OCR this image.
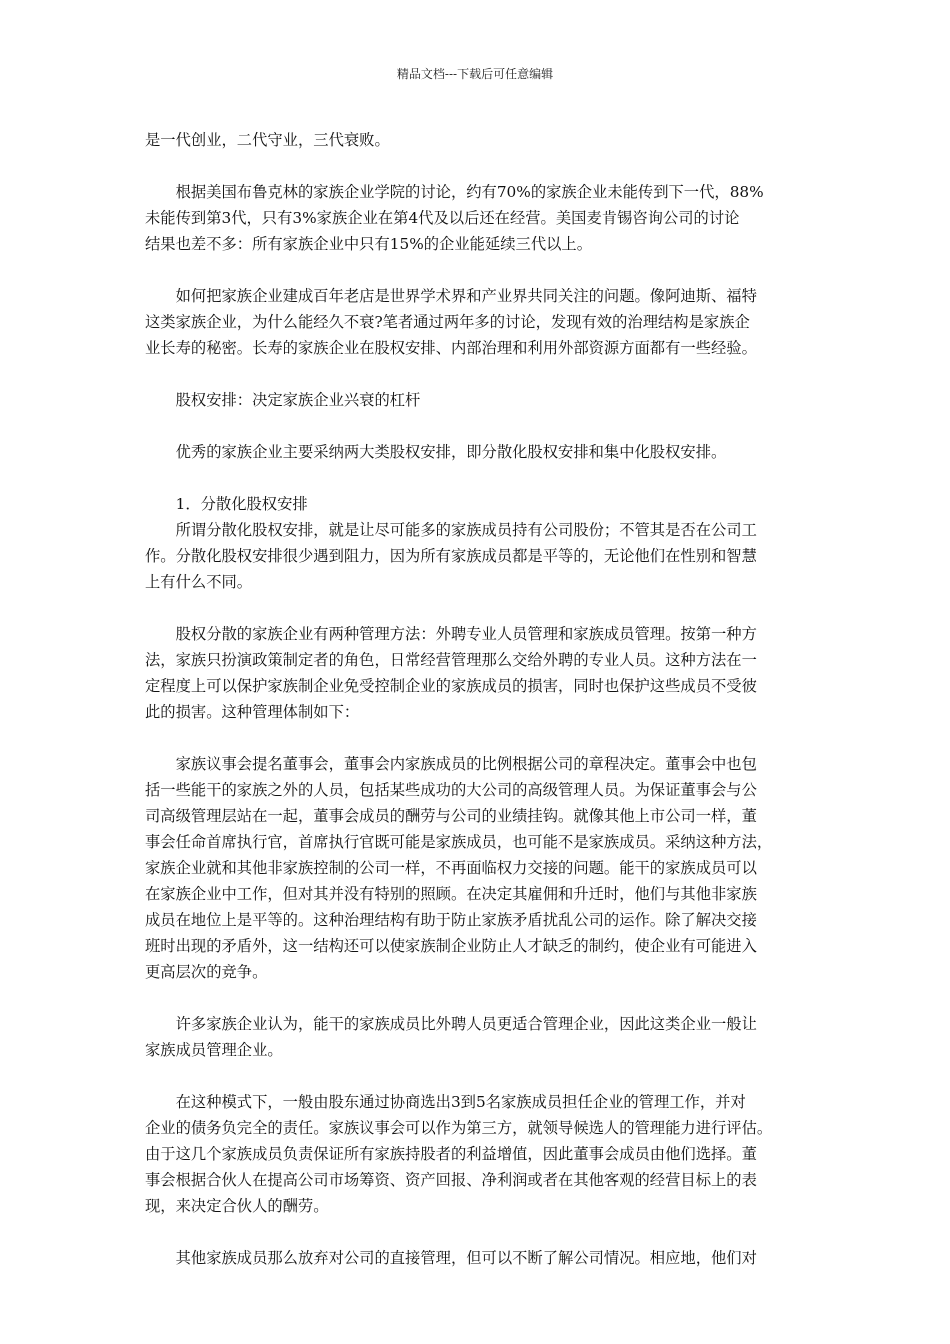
精品文档---下载后可任意编辑

是一代创业，二代守业，三代衰败。

根据美国布鲁克林的家族企业学院的讨论，约有70%的家族企业未能传到下一代，88%
未能传到第3代，只有3%家族企业在第4代及以后还在经营。美国麦肯锡咨询公司的讨论
结果也差不多：所有家族企业中只有15%的企业能延续三代以上。

如何把家族企业建成百年老店是世界学术界和产业界共同关注的问题。像阿迪斯、福特
这类家族企业，为什么能经久不衰?笔者通过两年多的讨论，发现有效的治理结构是家族企
业长寿的秘密。长寿的家族企业在股权安排、内部治理和利用外部资源方面都有一些经验。

股权安排：决定家族企业兴衰的杠杆

优秀的家族企业主要采纳两大类股权安排，即分散化股权安排和集中化股权安排。

1．分散化股权安排

所谓分散化股权安排，就是让尽可能多的家族成员持有公司股份；不管其是否在公司工
作。分散化股权安排很少遇到阻力，因为所有家族成员都是平等的，无论他们在性别和智慧
上有什么不同。

股权分散的家族企业有两种管理方法：外聘专业人员管理和家族成员管理。按第一种方
法，家族只扮演政策制定者的角色，日常经营管理那么交给外聘的专业人员。这种方法在一
定程度上可以保护家族制企业免受控制企业的家族成员的损害，同时也保护这些成员不受彼
此的损害。这种管理体制如下：

家族议事会提名董事会，董事会内家族成员的比例根据公司的章程决定。董事会中也包
括一些能干的家族之外的人员，包括某些成功的大公司的高级管理人员。为保证董事会与公
司高级管理层站在一起，董事会成员的酬劳与公司的业绩挂钩。就像其他上市公司一样，董
事会任命首席执行官，首席执行官既可能是家族成员，也可能不是家族成员。采纳这种方法，
家族企业就和其他非家族控制的公司一样，不再面临权力交接的问题。能干的家族成员可以
在家族企业中工作，但对其并没有特别的照顾。在决定其雇佣和升迁时，他们与其他非家族
成员在地位上是平等的。这种治理结构有助于防止家族矛盾扰乱公司的运作。除了解决交接
班时出现的矛盾外，这一结构还可以使家族制企业防止人才缺乏的制约，使企业有可能进入
更高层次的竞争。

许多家族企业认为，能干的家族成员比外聘人员更适合管理企业，因此这类企业一般让
家族成员管理企业。

在这种模式下，一般由股东通过协商选出3到5名家族成员担任企业的管理工作，并对
企业的债务负完全的责任。家族议事会可以作为第三方，就领导候选人的管理能力进行评估。
由于这几个家族成员负责保证所有家族持股者的利益增值，因此董事会成员由他们选择。董
事会根据合伙人在提高公司市场筹资、资产回报、净利润或者在其他客观的经营目标上的表
现，来决定合伙人的酬劳。

其他家族成员那么放弃对公司的直接管理，但可以不断了解公司情况。相应地，他们对
